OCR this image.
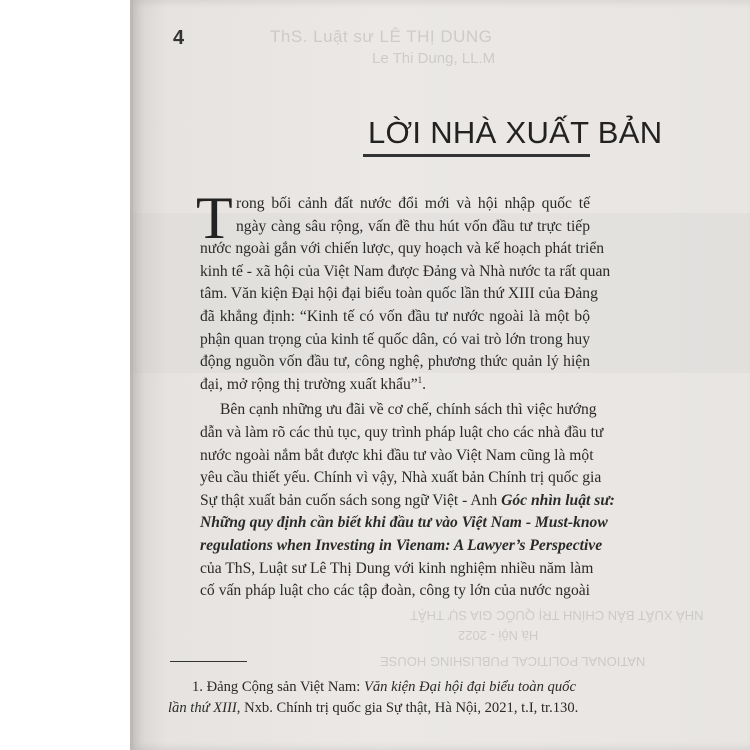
4	ThS. Luật sư LÊ THỊ DUNG
Le Thi Dung, LL.M
NHÀ XUẤT BẢN CHÍNH TRỊ QUỐC GIA SỰ THẬT
Hà Nội - 2022
NATIONAL POLITICAL PUBLISHING HOUSE
LỜI NHÀ XUẤT BẢN
T rong bối cảnh đất nước đổi mới và hội nhập quốc tế
ngày càng sâu rộng, vấn đề thu hút vốn đầu tư trực tiếp
nước ngoài gắn với chiến lược, quy hoạch và kế hoạch phát triển
kinh tế - xã hội của Việt Nam được Đảng và Nhà nước ta rất quan
tâm. Văn kiện Đại hội đại biểu toàn quốc lần thứ XIII của Đảng
đã khẳng định: “Kinh tế có vốn đầu tư nước ngoài là một bộ
phận quan trọng của kinh tế quốc dân, có vai trò lớn trong huy
động nguồn vốn đầu tư, công nghệ, phương thức quản lý hiện
đại, mở rộng thị trường xuất khẩu”$^1$.
Bên cạnh những ưu đãi về cơ chế, chính sách thì việc hướng
dẫn và làm rõ các thủ tục, quy trình pháp luật cho các nhà đầu tư
nước ngoài nắm bắt được khi đầu tư vào Việt Nam cũng là một
yêu cầu thiết yếu. Chính vì vậy, Nhà xuất bản Chính trị quốc gia
Sự thật xuất bản cuốn sách song ngữ Việt - Anh Góc nhìn luật sư:
Những quy định cần biết khi đầu tư vào Việt Nam - Must-know
regulations when Investing in Vienam: A Lawyer’s Perspective
của ThS, Luật sư Lê Thị Dung với kinh nghiệm nhiều năm làm
cố vấn pháp luật cho các tập đoàn, công ty lớn của nước ngoài
1. Đảng Cộng sản Việt Nam: Văn kiện Đại hội đại biểu toàn quốc
lần thứ XIII, Nxb. Chính trị quốc gia Sự thật, Hà Nội, 2021, t.I, tr.130.
